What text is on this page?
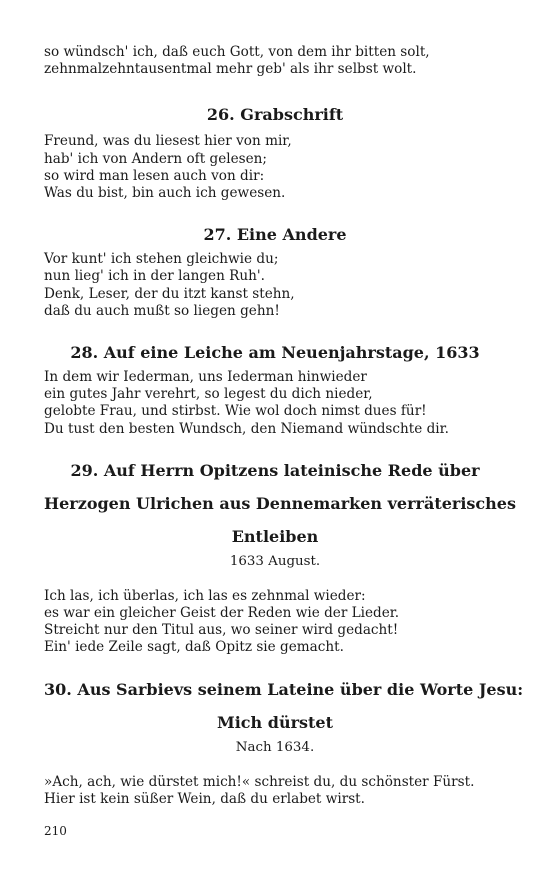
so wündsch' ich, daß euch Gott, von dem ihr bitten solt,
zehnmalzehntausentmal mehr geb' als ihr selbst wolt.
26. Grabschrift
Freund, was du liesest hier von mir,
hab' ich von Andern oft gelesen;
so wird man lesen auch von dir:
Was du bist, bin auch ich gewesen.
27. Eine Andere
Vor kunt' ich stehen gleichwie du;
nun lieg' ich in der langen Ruh'.
Denk, Leser, der du itzt kanst stehn,
daß du auch mußt so liegen gehn!
28. Auf eine Leiche am Neuenjahrstage, 1633
In dem wir Iederman, uns Iederman hinwieder
ein gutes Jahr verehrt, so legest du dich nieder,
gelobte Frau, und stirbst. Wie wol doch nimst dues für!
Du tust den besten Wundsch, den Niemand wündschte dir.
29. Auf Herrn Opitzens lateinische Rede über
Herzogen Ulrichen aus Dennemarken verräterisches
Entleiben
1633 August.
Ich las, ich überlas, ich las es zehnmal wieder:
es war ein gleicher Geist der Reden wie der Lieder.
Streicht nur den Titul aus, wo seiner wird gedacht!
Ein' iede Zeile sagt, daß Opitz sie gemacht.
30. Aus Sarbievs seinem Lateine über die Worte Jesu:
Mich dürstet
Nach 1634.
»Ach, ach, wie dürstet mich!« schreist du, du schönster Fürst.
Hier ist kein süßer Wein, daß du erlabet wirst.
210
